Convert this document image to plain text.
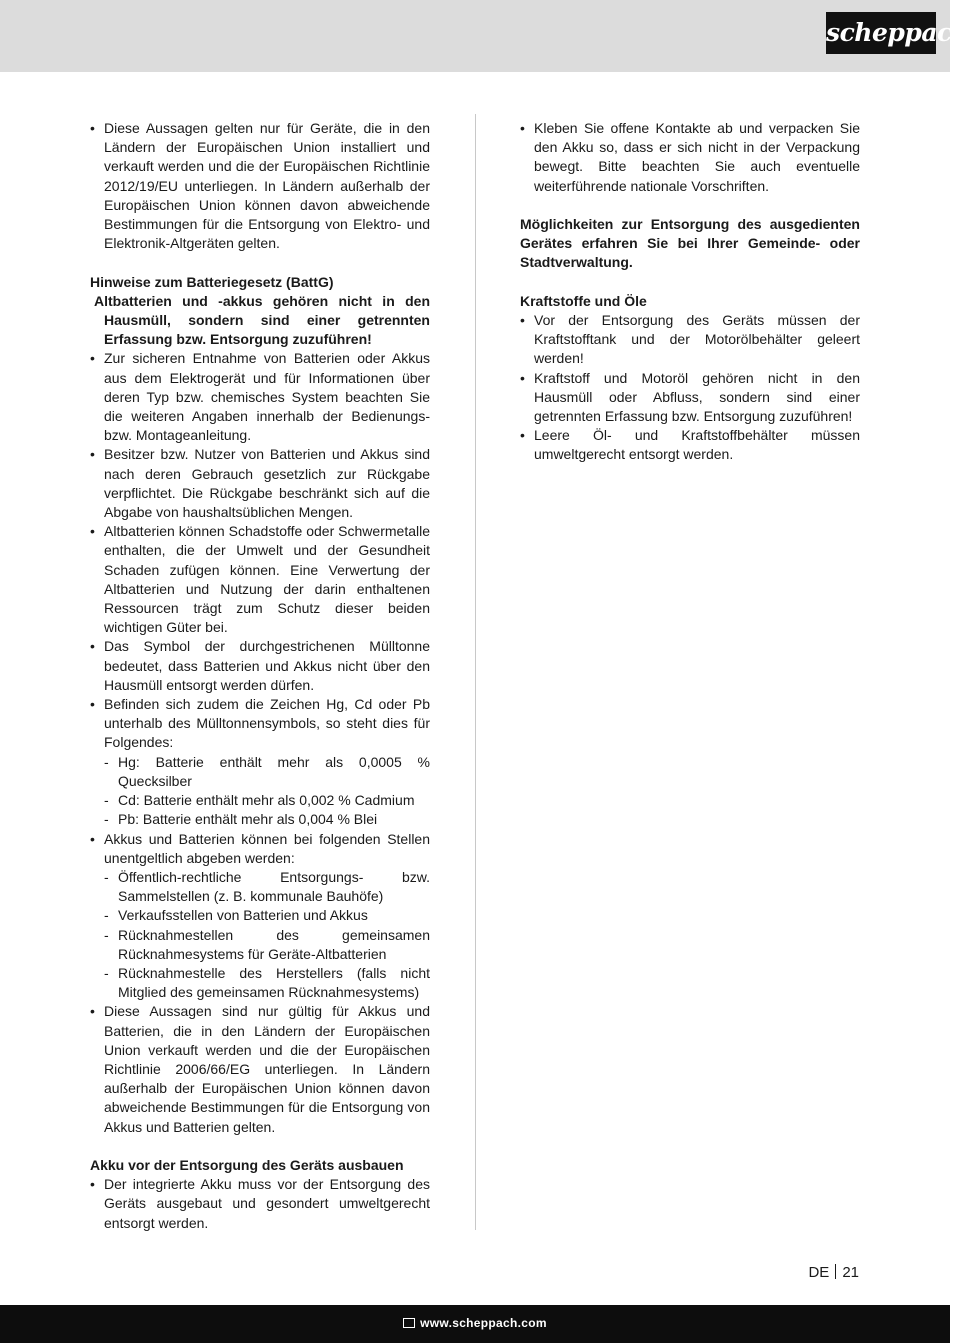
scheppach
• Diese Aussagen gelten nur für Geräte, die in den Ländern der Europäischen Union installiert und verkauft werden und die der Europäischen Richtlinie 2012/19/EU unterliegen. In Ländern außerhalb der Europäischen Union können davon abweichende Bestimmungen für die Entsorgung von Elektro- und Elektronik-Altgeräten gelten.
Hinweise zum Batteriegesetz (BattG)
Altbatterien und -akkus gehören nicht in den Hausmüll, sondern sind einer getrennten Erfassung bzw. Entsorgung zuzuführen!
• Zur sicheren Entnahme von Batterien oder Akkus aus dem Elektrogerät und für Informationen über deren Typ bzw. chemisches System beachten Sie die weiteren Angaben innerhalb der Bedienungs- bzw. Montageanleitung.
• Besitzer bzw. Nutzer von Batterien und Akkus sind nach deren Gebrauch gesetzlich zur Rückgabe verpflichtet. Die Rückgabe beschränkt sich auf die Abgabe von haushaltsüblichen Mengen.
• Altbatterien können Schadstoffe oder Schwermetalle enthalten, die der Umwelt und der Gesundheit Schaden zufügen können. Eine Verwertung der Altbatterien und Nutzung der darin enthaltenen Ressourcen trägt zum Schutz dieser beiden wichtigen Güter bei.
• Das Symbol der durchgestrichenen Mülltonne bedeutet, dass Batterien und Akkus nicht über den Hausmüll entsorgt werden dürfen.
• Befinden sich zudem die Zeichen Hg, Cd oder Pb unterhalb des Mülltonnensymbols, so steht dies für Folgendes:
- Hg: Batterie enthält mehr als 0,0005 % Quecksilber
- Cd: Batterie enthält mehr als 0,002 % Cadmium
- Pb: Batterie enthält mehr als 0,004 % Blei
• Akkus und Batterien können bei folgenden Stellen unentgeltlich abgeben werden:
- Öffentlich-rechtliche Entsorgungs- bzw. Sammelstellen (z. B. kommunale Bauhöfe)
- Verkaufsstellen von Batterien und Akkus
- Rücknahmestellen des gemeinsamen Rücknahmesystems für Geräte-Altbatterien
- Rücknahmestelle des Herstellers (falls nicht Mitglied des gemeinsamen Rücknahmesystems)
• Diese Aussagen sind nur gültig für Akkus und Batterien, die in den Ländern der Europäischen Union verkauft werden und die der Europäischen Richtlinie 2006/66/EG unterliegen. In Ländern außerhalb der Europäischen Union können davon abweichende Bestimmungen für die Entsorgung von Akkus und Batterien gelten.
Akku vor der Entsorgung des Geräts ausbauen
• Der integrierte Akku muss vor der Entsorgung des Geräts ausgebaut und gesondert umweltgerecht entsorgt werden.
• Kleben Sie offene Kontakte ab und verpacken Sie den Akku so, dass er sich nicht in der Verpackung bewegt. Bitte beachten Sie auch eventuelle weiterführende nationale Vorschriften.
Möglichkeiten zur Entsorgung des ausgedienten Gerätes erfahren Sie bei Ihrer Gemeinde- oder Stadtverwaltung.
Kraftstoffe und Öle
• Vor der Entsorgung des Geräts müssen der Kraftstofftank und der Motorölbehälter geleert werden!
• Kraftstoff und Motoröl gehören nicht in den Hausmüll oder Abfluss, sondern sind einer getrennten Erfassung bzw. Entsorgung zuzuführen!
• Leere Öl- und Kraftstoffbehälter müssen umweltgerecht entsorgt werden.
DE 21
www.scheppach.com
